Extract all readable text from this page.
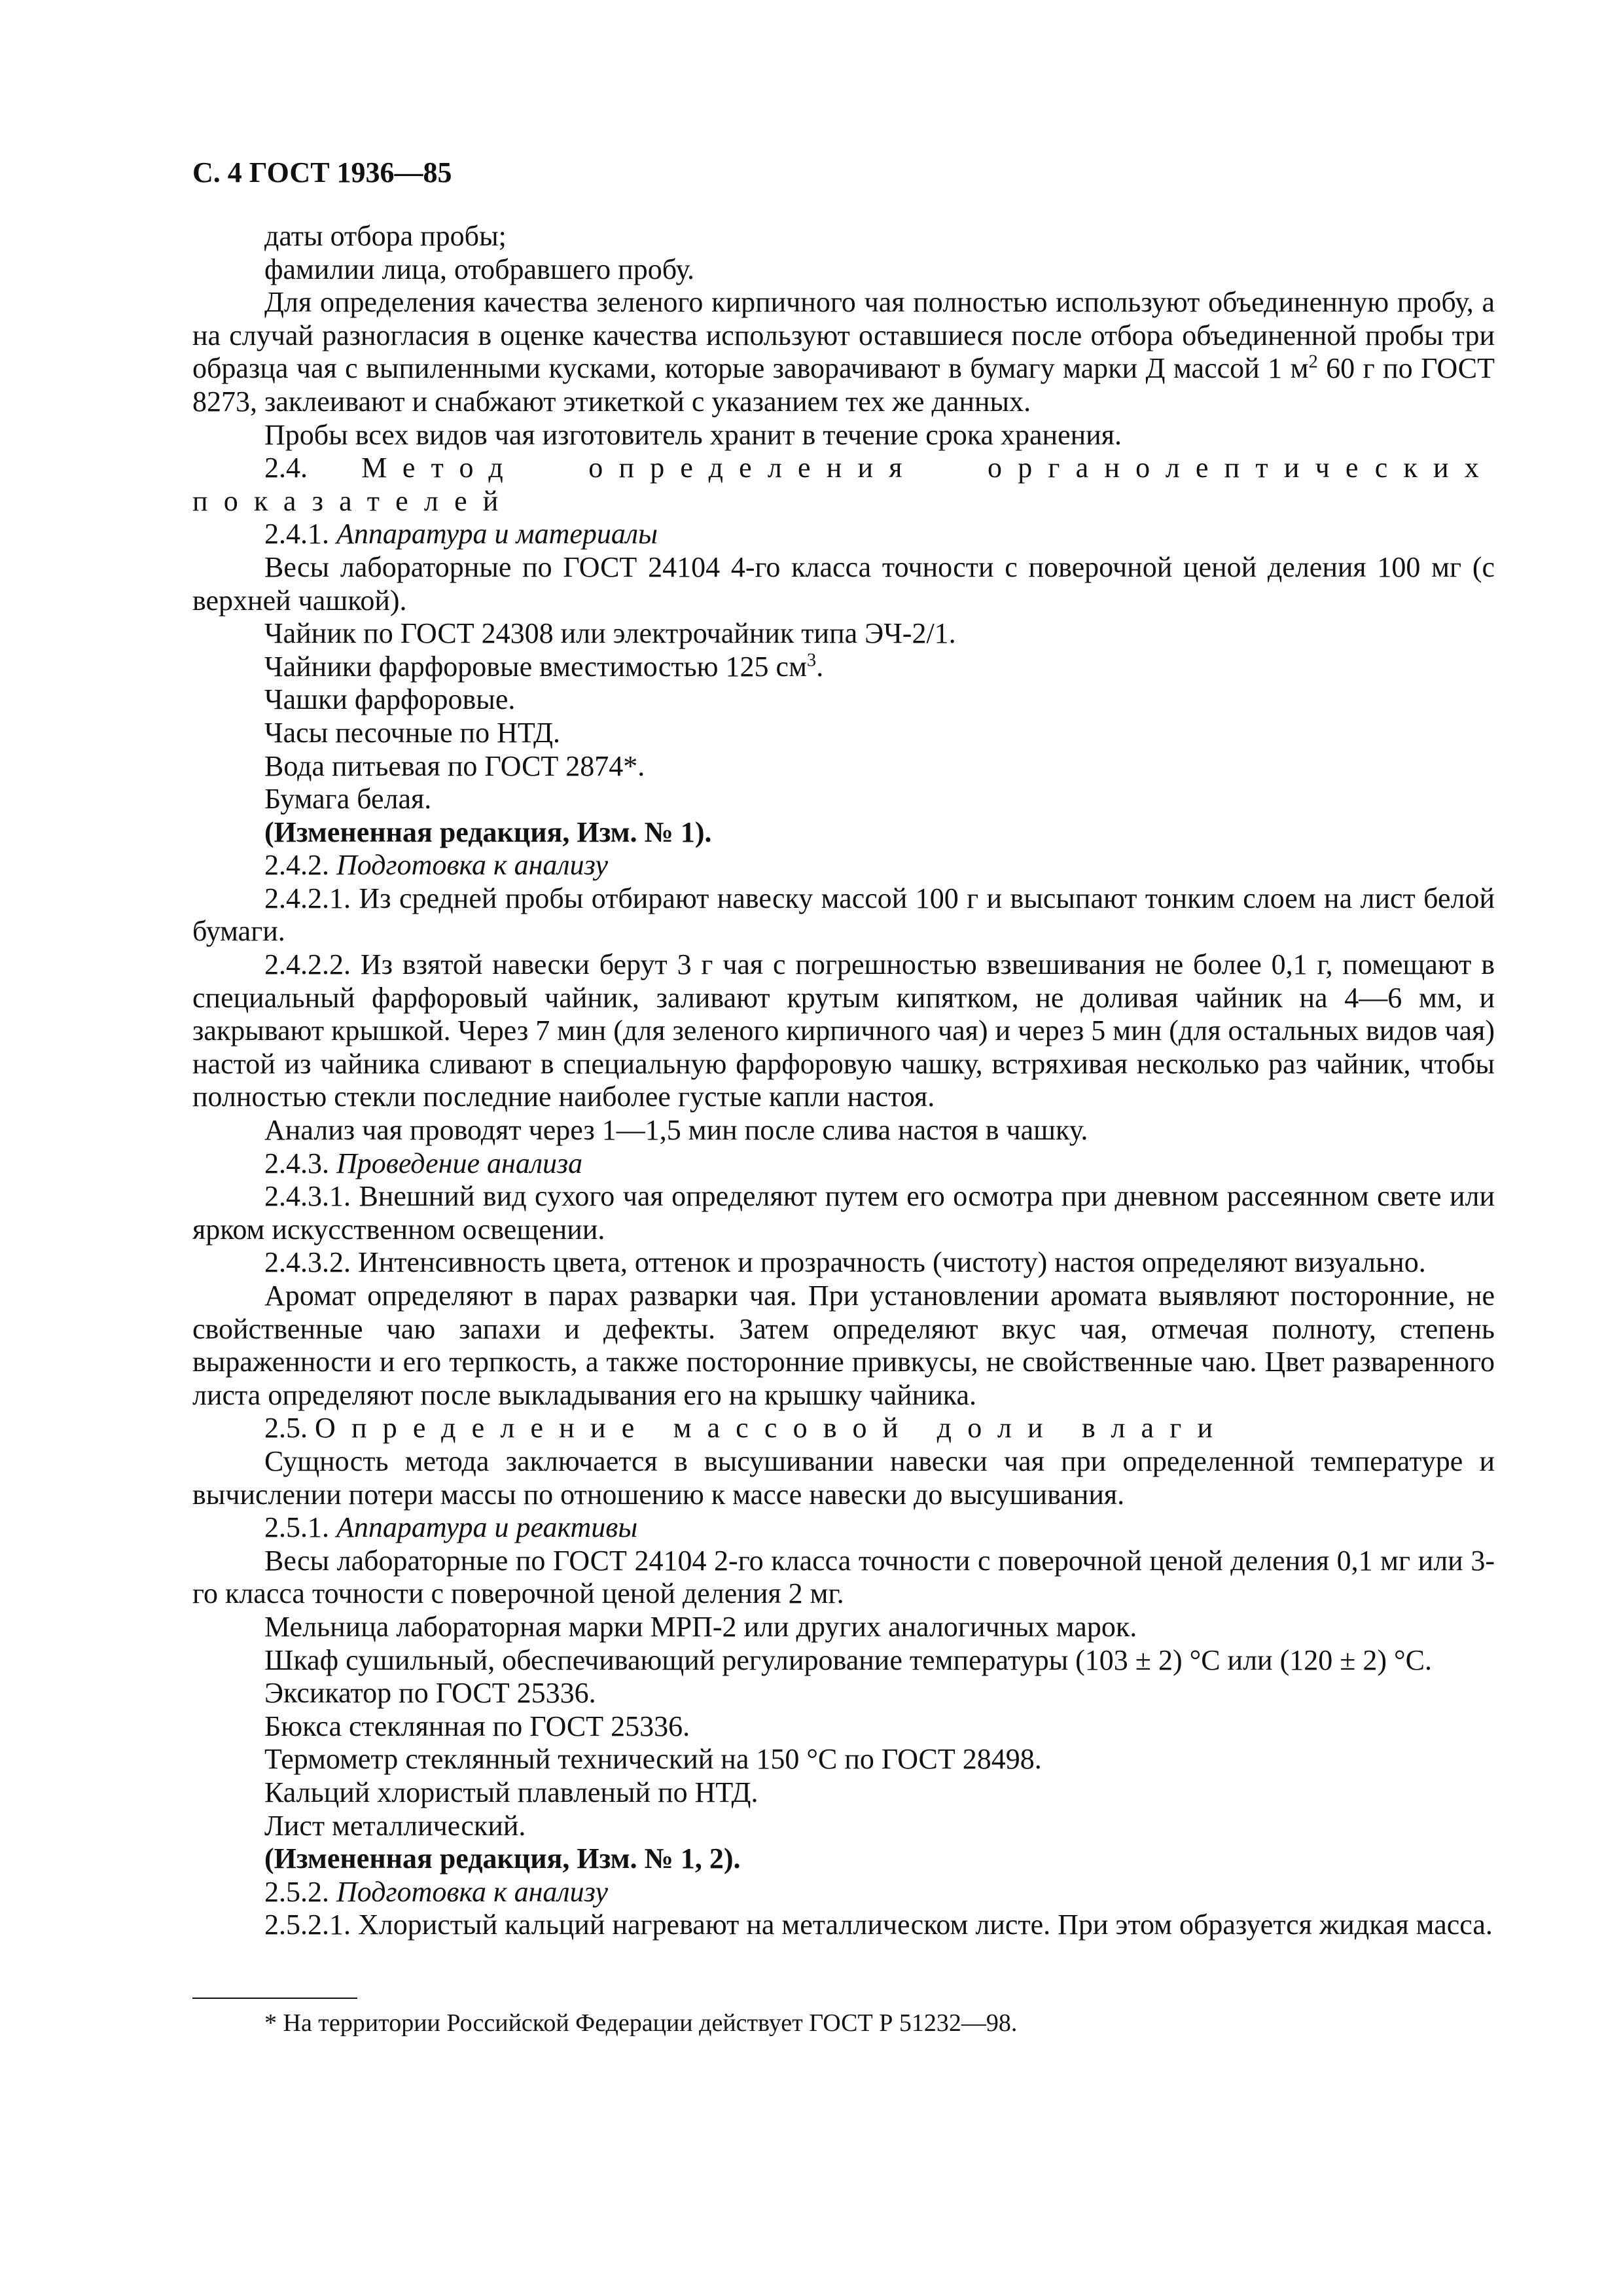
С. 4 ГОСТ 1936—85

даты отбора пробы;

фамилии лица, отобравшего пробу.

Для определения качества зеленого кирпичного чая полностью используют объединенную пробу, а на случай разногласия в оценке качества используют оставшиеся после отбора объединенной пробы три образца чая с выпиленными кусками, которые заворачивают в бумагу марки Д массой 1 $м^2$ 60 г по ГОСТ 8273, заклеивают и снабжают этикеткой с указанием тех же данных.

Пробы всех видов чая изготовитель хранит в течение срока хранения.

2.4. Метод определения органолептических показателей

2.4.1. Аппаратура и материалы

Весы лабораторные по ГОСТ 24104 4-го класса точности с поверочной ценой деления 100 мг (с верхней чашкой).

Чайник по ГОСТ 24308 или электрочайник типа ЭЧ-2/1.

Чайники фарфоровые вместимостью 125 $см^3$.

Чашки фарфоровые.

Часы песочные по НТД.

Вода питьевая по ГОСТ 2874*.

Бумага белая.

(Измененная редакция, Изм. № 1).

2.4.2. Подготовка к анализу

2.4.2.1. Из средней пробы отбирают навеску массой 100 г и высыпают тонким слоем на лист белой бумаги.

2.4.2.2. Из взятой навески берут 3 г чая с погрешностью взвешивания не более 0,1 г, помещают в специальный фарфоровый чайник, заливают крутым кипятком, не доливая чайник на 4—6 мм, и закрывают крышкой. Через 7 мин (для зеленого кирпичного чая) и через 5 мин (для остальных видов чая) настой из чайника сливают в специальную фарфоровую чашку, встряхивая несколько раз чайник, чтобы полностью стекли последние наиболее густые капли настоя.

Анализ чая проводят через 1—1,5 мин после слива настоя в чашку.

2.4.3. Проведение анализа

2.4.3.1. Внешний вид сухого чая определяют путем его осмотра при дневном рассеянном свете или ярком искусственном освещении.

2.4.3.2. Интенсивность цвета, оттенок и прозрачность (чистоту) настоя определяют визуально.

Аромат определяют в парах разварки чая. При установлении аромата выявляют посторонние, не свойственные чаю запахи и дефекты. Затем определяют вкус чая, отмечая полноту, степень выраженности и его терпкость, а также посторонние привкусы, не свойственные чаю. Цвет разваренного листа определяют после выкладывания его на крышку чайника.

2.5. Определение массовой доли влаги

Сущность метода заключается в высушивании навески чая при определенной температуре и вычислении потери массы по отношению к массе навески до высушивания.

2.5.1. Аппаратура и реактивы

Весы лабораторные по ГОСТ 24104 2-го класса точности с поверочной ценой деления 0,1 мг или 3-го класса точности с поверочной ценой деления 2 мг.

Мельница лабораторная марки МРП-2 или других аналогичных марок.

Шкаф сушильный, обеспечивающий регулирование температуры (103 ± 2) °С или (120 ± 2) °С.

Эксикатор по ГОСТ 25336.

Бюкса стеклянная по ГОСТ 25336.

Термометр стеклянный технический на 150 °С по ГОСТ 28498.

Кальций хлористый плавленый по НТД.

Лист металлический.

(Измененная редакция, Изм. № 1, 2).

2.5.2. Подготовка к анализу

2.5.2.1. Хлористый кальций нагревают на металлическом листе. При этом образуется жидкая масса.

* На территории Российской Федерации действует ГОСТ Р 51232—98.
